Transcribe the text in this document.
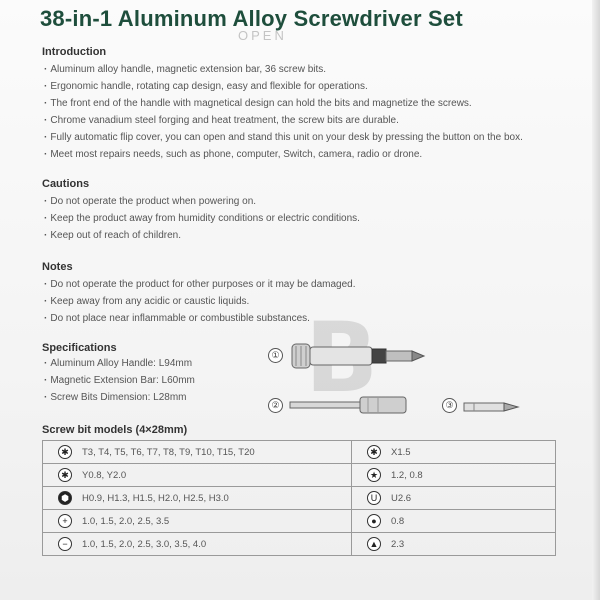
38-in-1 Aluminum Alloy Screwdriver Set
OPEN
Introduction
· Aluminum alloy handle, magnetic extension bar, 36 screw bits.
· Ergonomic handle, rotating cap design, easy and flexible for operations.
· The front end of the handle with magnetical design can hold the bits and magnetize the screws.
· Chrome vanadium steel forging and heat treatment, the screw bits are durable.
· Fully automatic flip cover, you can open and stand this unit on your desk by pressing the button on the box.
· Meet most repairs needs, such as phone, computer, Switch, camera, radio or drone.
Cautions
· Do not operate the product when powering on.
· Keep the product away from humidity conditions or electric conditions.
· Keep out of reach of children.
Notes
· Do not operate the product for other purposes or it may be damaged.
· Keep away from any acidic or caustic liquids.
· Do not place near inflammable or combustible substances.
Specifications
· Aluminum Alloy Handle: L94mm
· Magnetic Extension Bar: L60mm
· Screw Bits Dimension: L28mm
①
②	③
Screw bit models (4×28mm)
✱ T3, T4, T5, T6, T7, T8, T9, T10, T15, T20	✱ X1.5

✱ Y0.8, Y2.0	★ 1.2, 0.8

⬢ H0.9, H1.3, H1.5, H2.0, H2.5, H3.0	U U2.6

+ 1.0, 1.5, 2.0, 2.5, 3.5	● 0.8

− 1.0, 1.5, 2.0, 2.5, 3.0, 3.5, 4.0	▲ 2.3
